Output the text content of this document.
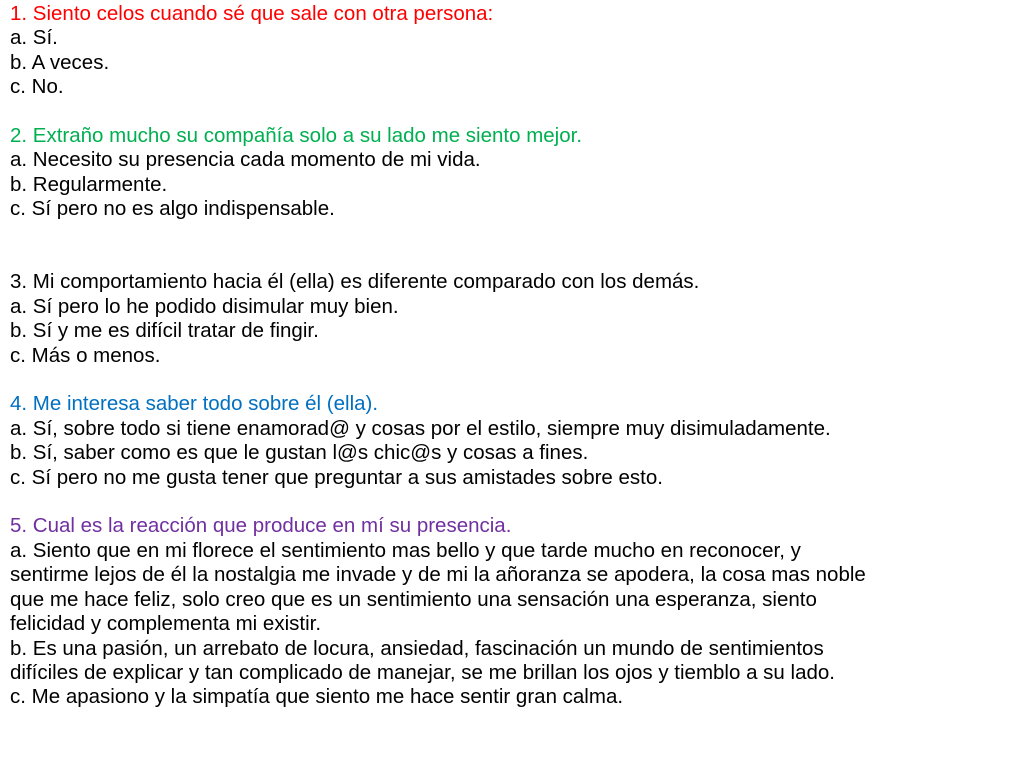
1. Siento celos cuando sé que sale con otra persona:
a. Sí.
b. A veces.
c. No.
2. Extraño mucho su compañía solo a su lado me siento mejor.
a. Necesito su presencia cada momento de mi vida.
b. Regularmente.
c. Sí pero no es algo indispensable.
3. Mi comportamiento hacia él (ella) es diferente comparado con los demás.
a. Sí pero lo he podido disimular muy bien.
b. Sí y me es difícil tratar de fingir.
c. Más o menos.
4. Me interesa saber todo sobre él (ella).
a. Sí, sobre todo si tiene enamorad@ y cosas por el estilo, siempre muy disimuladamente.
b. Sí, saber como es que le gustan l@s chic@s y cosas a fines.
c. Sí pero no me gusta tener que preguntar a sus amistades sobre esto.
5. Cual es la reacción que produce en mí su presencia.
a. Siento que en mi florece el sentimiento mas bello y que tarde mucho en reconocer, y
sentirme lejos de él la nostalgia me invade y de mi la añoranza se apodera, la cosa mas noble
que me hace feliz, solo creo que es un sentimiento una sensación una esperanza, siento
felicidad y complementa mi existir.
b. Es una pasión, un arrebato de locura, ansiedad, fascinación un mundo de sentimientos
difíciles de explicar y tan complicado de manejar, se me brillan los ojos y tiemblo a su lado.
c. Me apasiono y la simpatía que siento me hace sentir gran calma.
